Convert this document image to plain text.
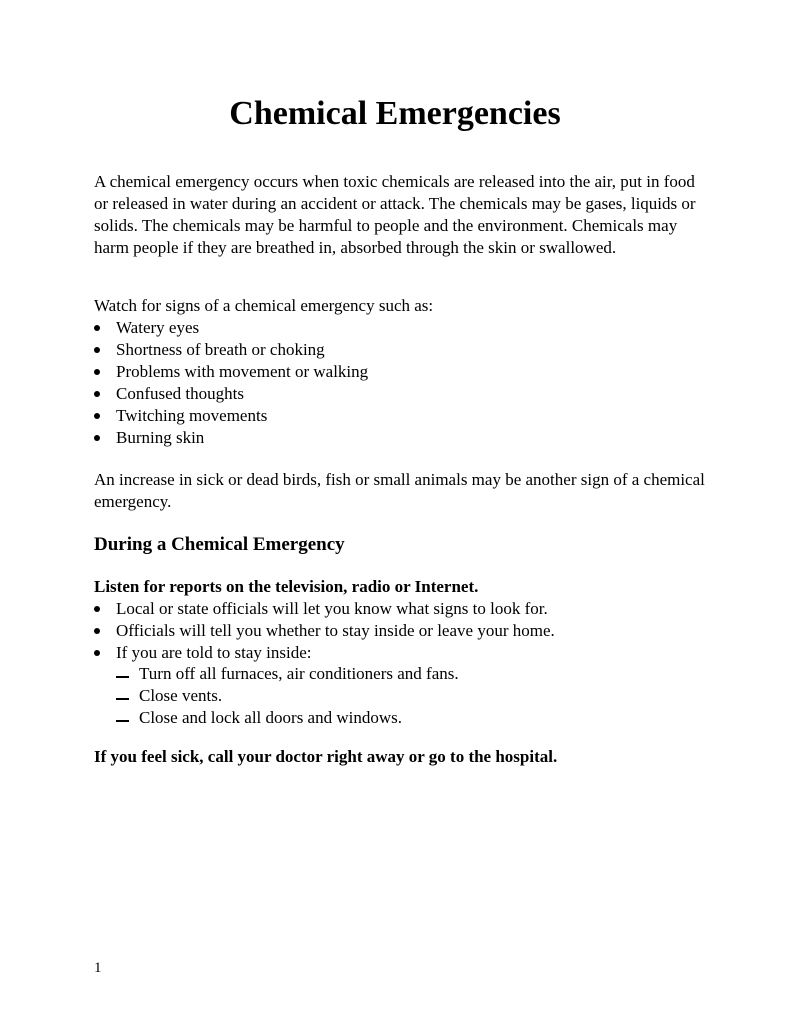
Chemical Emergencies

A chemical emergency occurs when toxic chemicals are released into the air, put in food or released in water during an accident or attack. The chemicals may be gases, liquids or solids. The chemicals may be harmful to people and the environment. Chemicals may harm people if they are breathed in, absorbed through the skin or swallowed.

Watch for signs of a chemical emergency such as:

Watery eyes
Shortness of breath or choking
Problems with movement or walking
Confused thoughts
Twitching movements
Burning skin

An increase in sick or dead birds, fish or small animals may be another sign of a chemical emergency.

During a Chemical Emergency

Listen for reports on the television, radio or Internet.

Local or state officials will let you know what signs to look for.
Officials will tell you whether to stay inside or leave your home.
If you are told to stay inside:
Turn off all furnaces, air conditioners and fans.
Close vents.
Close and lock all doors and windows.

If you feel sick, call your doctor right away or go to the hospital.

1
